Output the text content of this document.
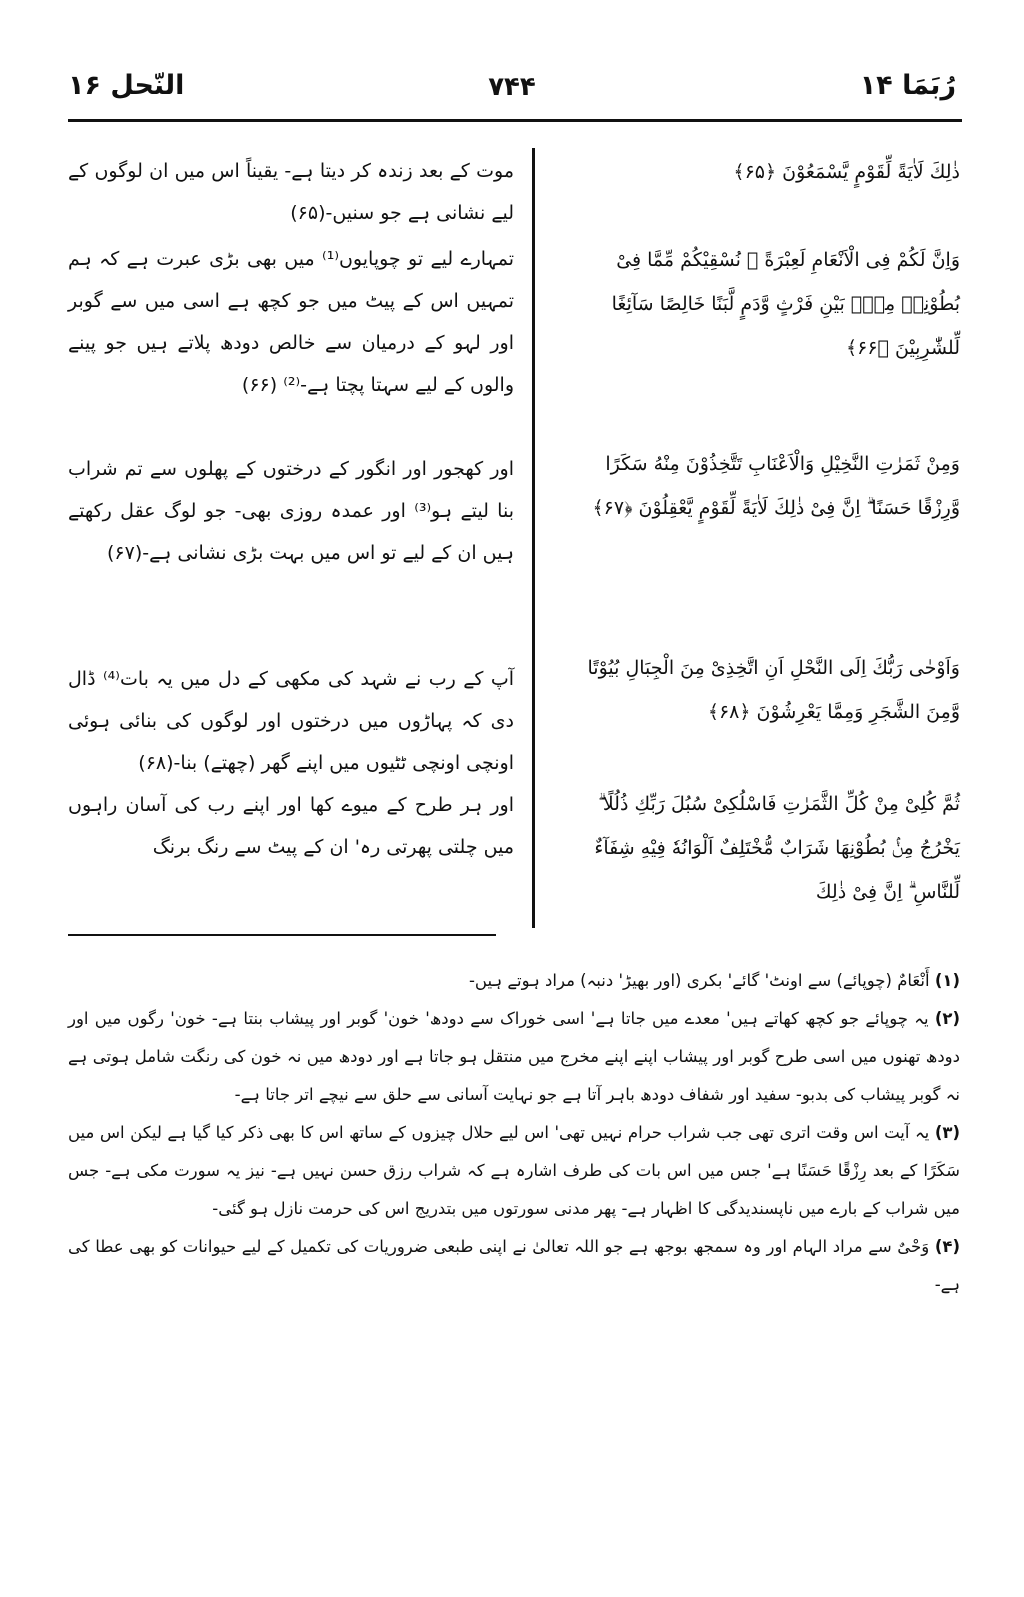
النّحل ۱۶	۷۴۴	رُبَمَا ۱۴
ذٰلِكَ لَاٰيَةً لِّقَوْمٍ يَّسْمَعُوْنَ ﴿۶۵﴾
وَاِنَّ لَكُمْ فِى الْاَنْعَامِ لَعِبْرَةً ۚ نُسْقِيْكُمْ مِّمَّا فِىْ بُطُوْنِهٖ مِنْۢ بَيْنِ فَرْثٍ وَّدَمٍ لَّبَنًا خَالِصًا سَآئِغًا لِّلشّٰرِبِيْنَ ﴿۶۶﴾
وَمِنْ ثَمَرٰتِ النَّخِيْلِ وَالْاَعْنَابِ تَتَّخِذُوْنَ مِنْهُ سَكَرًا وَّرِزْقًا حَسَنًا ۗ اِنَّ فِىْ ذٰلِكَ لَاٰيَةً لِّقَوْمٍ يَّعْقِلُوْنَ ﴿۶۷﴾
وَاَوْحٰى رَبُّكَ اِلَى النَّحْلِ اَنِ اتَّخِذِىْ مِنَ الْجِبَالِ بُيُوْتًا وَّمِنَ الشَّجَرِ وَمِمَّا يَعْرِشُوْنَ ﴿۶۸﴾
ثُمَّ كُلِىْ مِنْ كُلِّ الثَّمَرٰتِ فَاسْلُكِىْ سُبُلَ رَبِّكِ ذُلُلًا ۗ يَخْرُجُ مِنْۢ بُطُوْنِهَا شَرَابٌ مُّخْتَلِفٌ اَلْوَانُهٗ فِيْهِ شِفَآءٌ لِّلنَّاسِ ۗ اِنَّ فِىْ ذٰلِكَ
موت کے بعد زندہ کر دیتا ہے- یقیناً اس میں ان لوگوں کے لیے نشانی ہے جو سنیں-(۶۵)
تمہارے لیے تو چوپایوں⁽¹⁾ میں بھی بڑی عبرت ہے کہ ہم تمہیں اس کے پیٹ میں جو کچھ ہے اسی میں سے گوبر اور لہو کے درمیان سے خالص دودھ پلاتے ہیں جو پینے والوں کے لیے سہتا پچتا ہے-⁽²⁾ (۶۶)
اور کھجور اور انگور کے درختوں کے پھلوں سے تم شراب بنا لیتے ہو⁽³⁾ اور عمدہ روزی بھی- جو لوگ عقل رکھتے ہیں ان کے لیے تو اس میں بہت بڑی نشانی ہے-(۶۷)
آپ کے رب نے شہد کی مکھی کے دل میں یہ بات⁽⁴⁾ ڈال دی کہ پہاڑوں میں درختوں اور لوگوں کی بنائی ہوئی اونچی اونچی ٹٹیوں میں اپنے گھر (چھتے) بنا-(۶۸)
اور ہر طرح کے میوے کھا اور اپنے رب کی آسان راہوں میں چلتی پھرتی رہ' ان کے پیٹ سے رنگ برنگ

(۱) أَنْعَامٌ (چوپائے) سے اونٹ' گائے' بکری (اور بھیڑ' دنبہ) مراد ہوتے ہیں-

(۲) یہ چوپائے جو کچھ کھاتے ہیں' معدے میں جاتا ہے' اسی خوراک سے دودھ' خون' گوبر اور پیشاب بنتا ہے- خون' رگوں میں اور دودھ تھنوں میں اسی طرح گوبر اور پیشاب اپنے اپنے مخرج میں منتقل ہو جاتا ہے اور دودھ میں نہ خون کی رنگت شامل ہوتی ہے نہ گوبر پیشاب کی بدبو- سفید اور شفاف دودھ باہر آتا ہے جو نہایت آسانی سے حلق سے نیچے اتر جاتا ہے-

(۳) یہ آیت اس وقت اتری تھی جب شراب حرام نہیں تھی' اس لیے حلال چیزوں کے ساتھ اس کا بھی ذکر کیا گیا ہے لیکن اس میں سَکَرًا کے بعد رِزْقًا حَسَنًا ہے' جس میں اس بات کی طرف اشارہ ہے کہ شراب رزق حسن نہیں ہے- نیز یہ سورت مکی ہے- جس میں شراب کے بارے میں ناپسندیدگی کا اظہار ہے- پھر مدنی سورتوں میں بتدریج اس کی حرمت نازل ہو گئی-

(۴) وَحْیٌ سے مراد الہام اور وہ سمجھ بوجھ ہے جو اللہ تعالیٰ نے اپنی طبعی ضروریات کی تکمیل کے لیے حیوانات کو بھی عطا کی ہے-
